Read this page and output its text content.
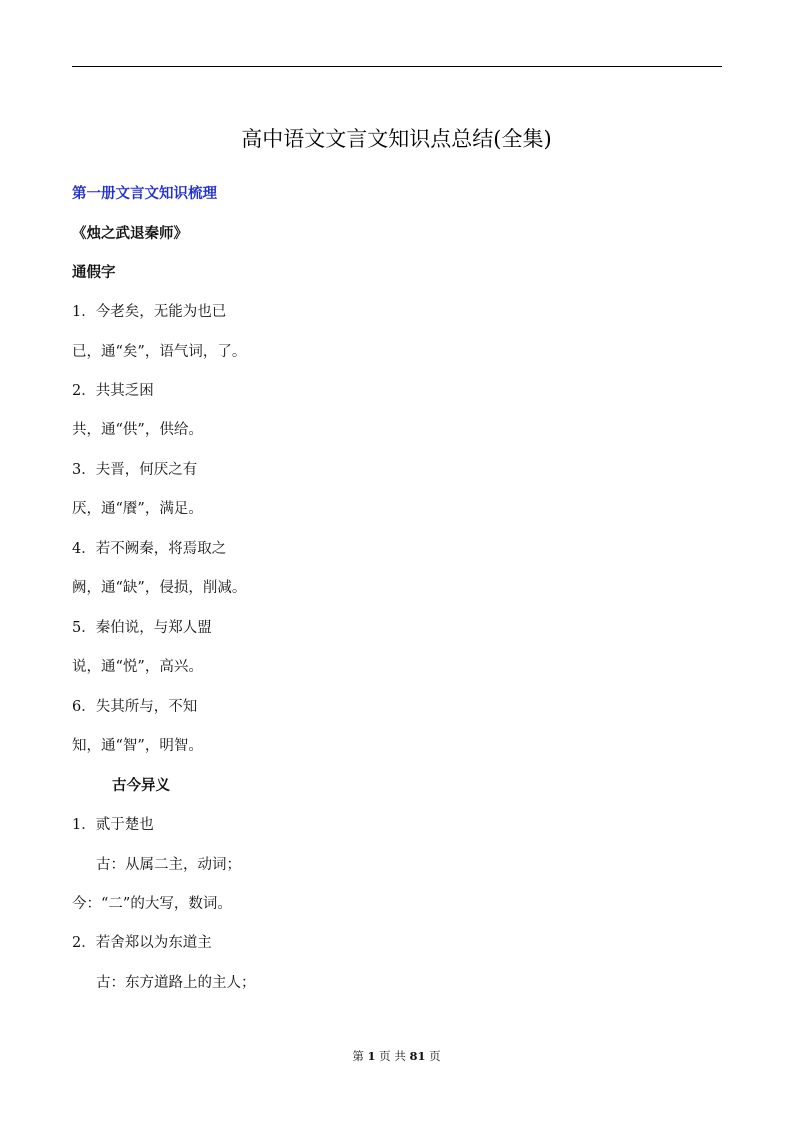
高中语文文言文知识点总结(全集)
第一册文言文知识梳理
《烛之武退秦师》
通假字
1．今老矣，无能为也已
已，通“矣”，语气词，了。
2．共其乏困
共，通“供”，供给。
3．夫晋，何厌之有
厌，通“餍”，满足。
4．若不阙秦，将焉取之
阙，通“缺”，侵损，削减。
5．秦伯说，与郑人盟
说，通“悦”，高兴。
6．失其所与，不知
知，通“智”，明智。
古今异义
1．贰于楚也
古：从属二主，动词；
今：“二”的大写，数词。
2．若舍郑以为东道主
古：东方道路上的主人；
第 1 页 共 81 页
